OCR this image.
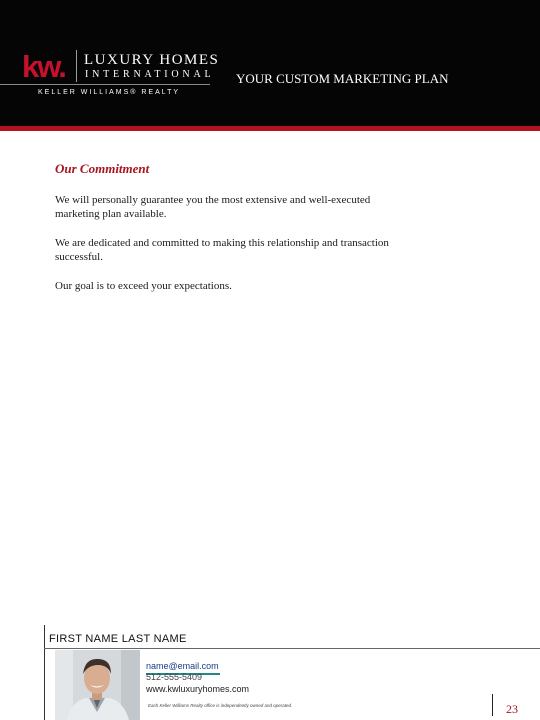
kw. LUXURY HOMES
INTERNATIONAL
KELLER WILLIAMS® REALTY
YOUR CUSTOM MARKETING PLAN
Our Commitment
We will personally guarantee you the most extensive and well-executed marketing plan available.
We are dedicated and committed to making this relationship and transaction successful.
Our goal is to exceed your expectations.
FIRST NAME LAST NAME
name@email.com
512-555-5409
www.kwluxuryhomes.com
Each Keller Williams Realty office is independently owned and operated.	23
